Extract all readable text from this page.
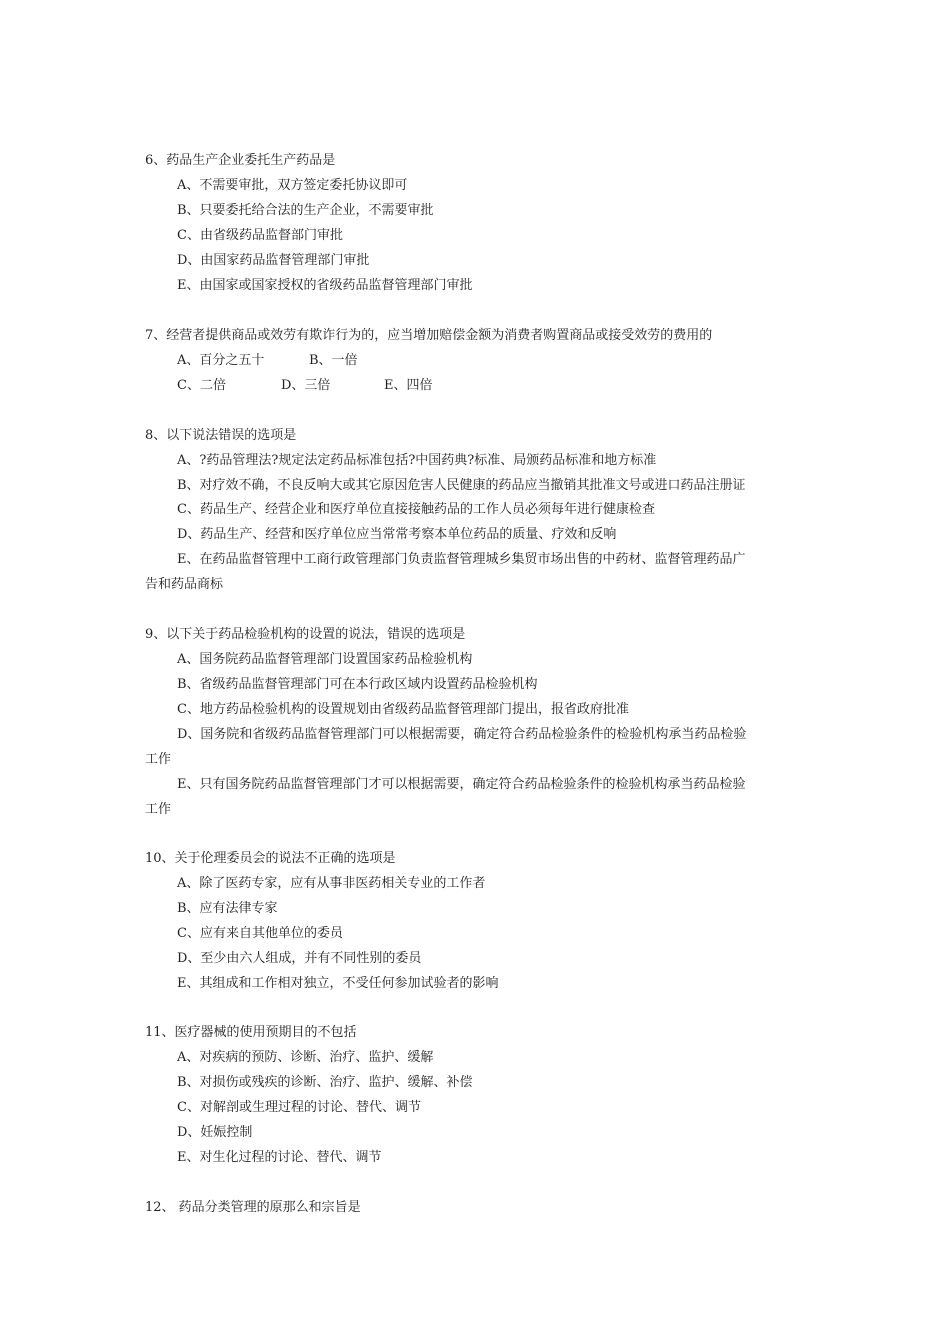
6、药品生产企业委托生产药品是
A、不需要审批，双方签定委托协议即可
B、只要委托给合法的生产企业，不需要审批
C、由省级药品监督部门审批
D、由国家药品监督管理部门审批
E、由国家或国家授权的省级药品监督管理部门审批
7、经营者提供商品或效劳有欺诈行为的，应当增加赔偿金额为消费者购置商品或接受效劳的费用的
A、百分之五十	B、一倍
C、二倍	D、三倍	E、四倍
8、以下说法错误的选项是
A、?药品管理法?规定法定药品标准包括?中国药典?标准、局颁药品标准和地方标准
B、对疗效不确，不良反响大或其它原因危害人民健康的药品应当撤销其批准文号或进口药品注册证
C、药品生产、经营企业和医疗单位直接接触药品的工作人员必须每年进行健康检查
D、药品生产、经营和医疗单位应当常常考察本单位药品的质量、疗效和反响
E、在药品监督管理中工商行政管理部门负责监督管理城乡集贸市场出售的中药材、监督管理药品广
告和药品商标
9、以下关于药品检验机构的设置的说法，错误的选项是
A、国务院药品监督管理部门设置国家药品检验机构
B、省级药品监督管理部门可在本行政区域内设置药品检验机构
C、地方药品检验机构的设置规划由省级药品监督管理部门提出，报省政府批准
D、国务院和省级药品监督管理部门可以根据需要，确定符合药品检验条件的检验机构承当药品检验
工作
E、只有国务院药品监督管理部门才可以根据需要，确定符合药品检验条件的检验机构承当药品检验
工作
10、关于伦理委员会的说法不正确的选项是
A、除了医药专家，应有从事非医药相关专业的工作者
B、应有法律专家
C、应有来自其他单位的委员
D、至少由六人组成，并有不同性别的委员
E、其组成和工作相对独立，不受任何参加试验者的影响
11、医疗器械的使用预期目的不包括
A、对疾病的预防、诊断、治疗、监护、缓解
B、对损伤或残疾的诊断、治疗、监护、缓解、补偿
C、对解剖或生理过程的讨论、替代、调节
D、妊娠控制
E、对生化过程的讨论、替代、调节
12、 药品分类管理的原那么和宗旨是
